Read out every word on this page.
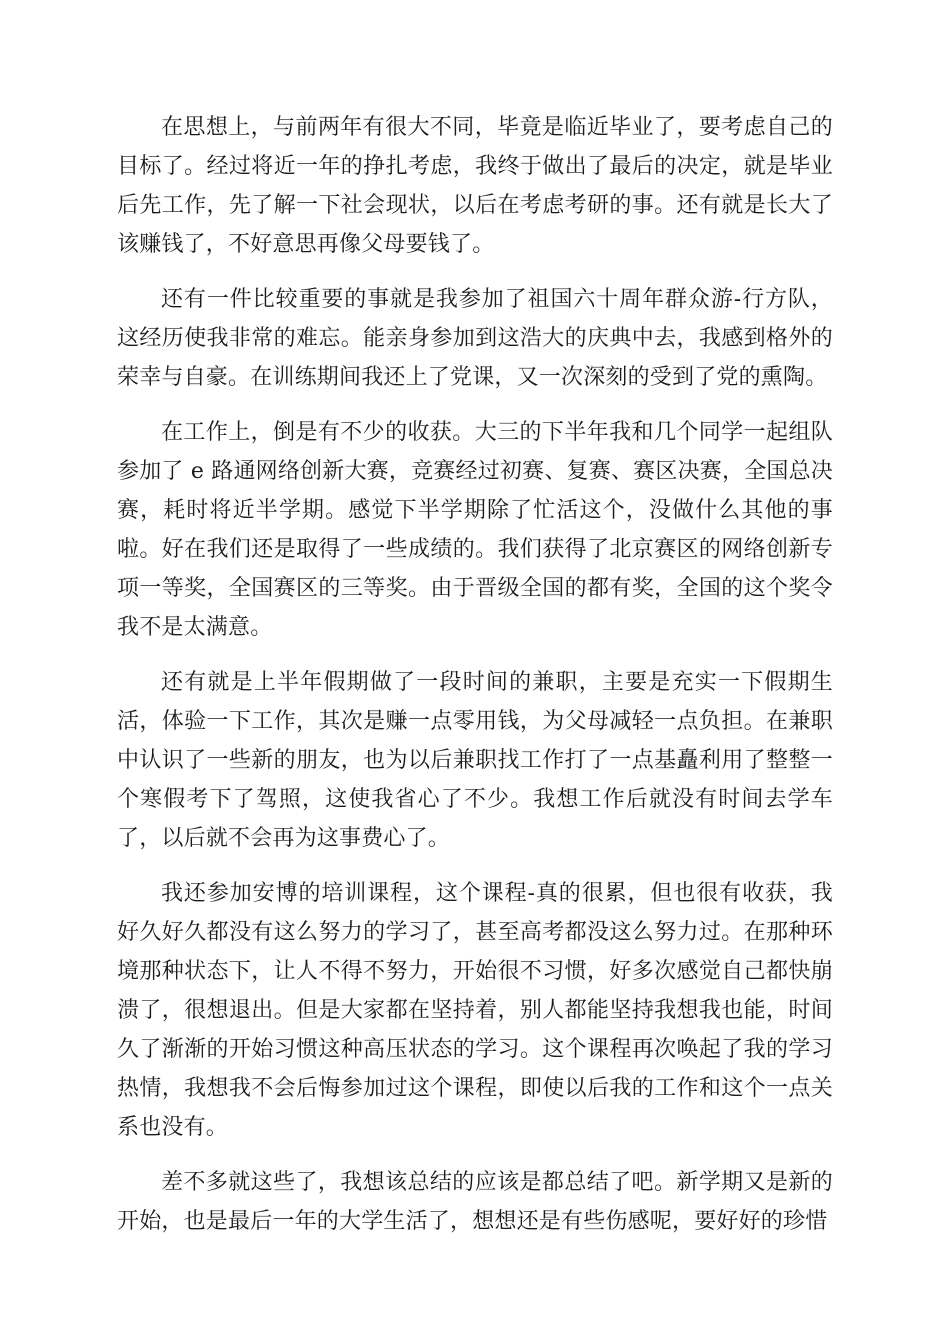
在思想上，与前两年有很大不同，毕竟是临近毕业了，要考虑自己的目标了。经过将近一年的挣扎考虑，我终于做出了最后的决定，就是毕业后先工作，先了解一下社会现状，以后在考虑考研的事。还有就是长大了该赚钱了，不好意思再像父母要钱了。

还有一件比较重要的事就是我参加了祖国六十周年群众游-行方队，这经历使我非常的难忘。能亲身参加到这浩大的庆典中去，我感到格外的荣幸与自豪。在训练期间我还上了党课，又一次深刻的受到了党的熏陶。

在工作上，倒是有不少的收获。大三的下半年我和几个同学一起组队参加了 e 路通网络创新大赛，竞赛经过初赛、复赛、赛区决赛，全国总决赛，耗时将近半学期。感觉下半学期除了忙活这个，没做什么其他的事啦。好在我们还是取得了一些成绩的。我们获得了北京赛区的网络创新专项一等奖，全国赛区的三等奖。由于晋级全国的都有奖，全国的这个奖令我不是太满意。

还有就是上半年假期做了一段时间的兼职，主要是充实一下假期生活，体验一下工作，其次是赚一点零用钱，为父母减轻一点负担。在兼职中认识了一些新的朋友，也为以后兼职找工作打了一点基矗利用了整整一个寒假考下了驾照，这使我省心了不少。我想工作后就没有时间去学车了，以后就不会再为这事费心了。

我还参加安博的培训课程，这个课程-真的很累，但也很有收获，我好久好久都没有这么努力的学习了，甚至高考都没这么努力过。在那种环境那种状态下，让人不得不努力，开始很不习惯，好多次感觉自己都快崩溃了，很想退出。但是大家都在坚持着，别人都能坚持我想我也能，时间久了渐渐的开始习惯这种高压状态的学习。这个课程再次唤起了我的学习热情，我想我不会后悔参加过这个课程，即使以后我的工作和这个一点关系也没有。

差不多就这些了，我想该总结的应该是都总结了吧。新学期又是新的开始，也是最后一年的大学生活了，想想还是有些伤感呢，要好好的珍惜
